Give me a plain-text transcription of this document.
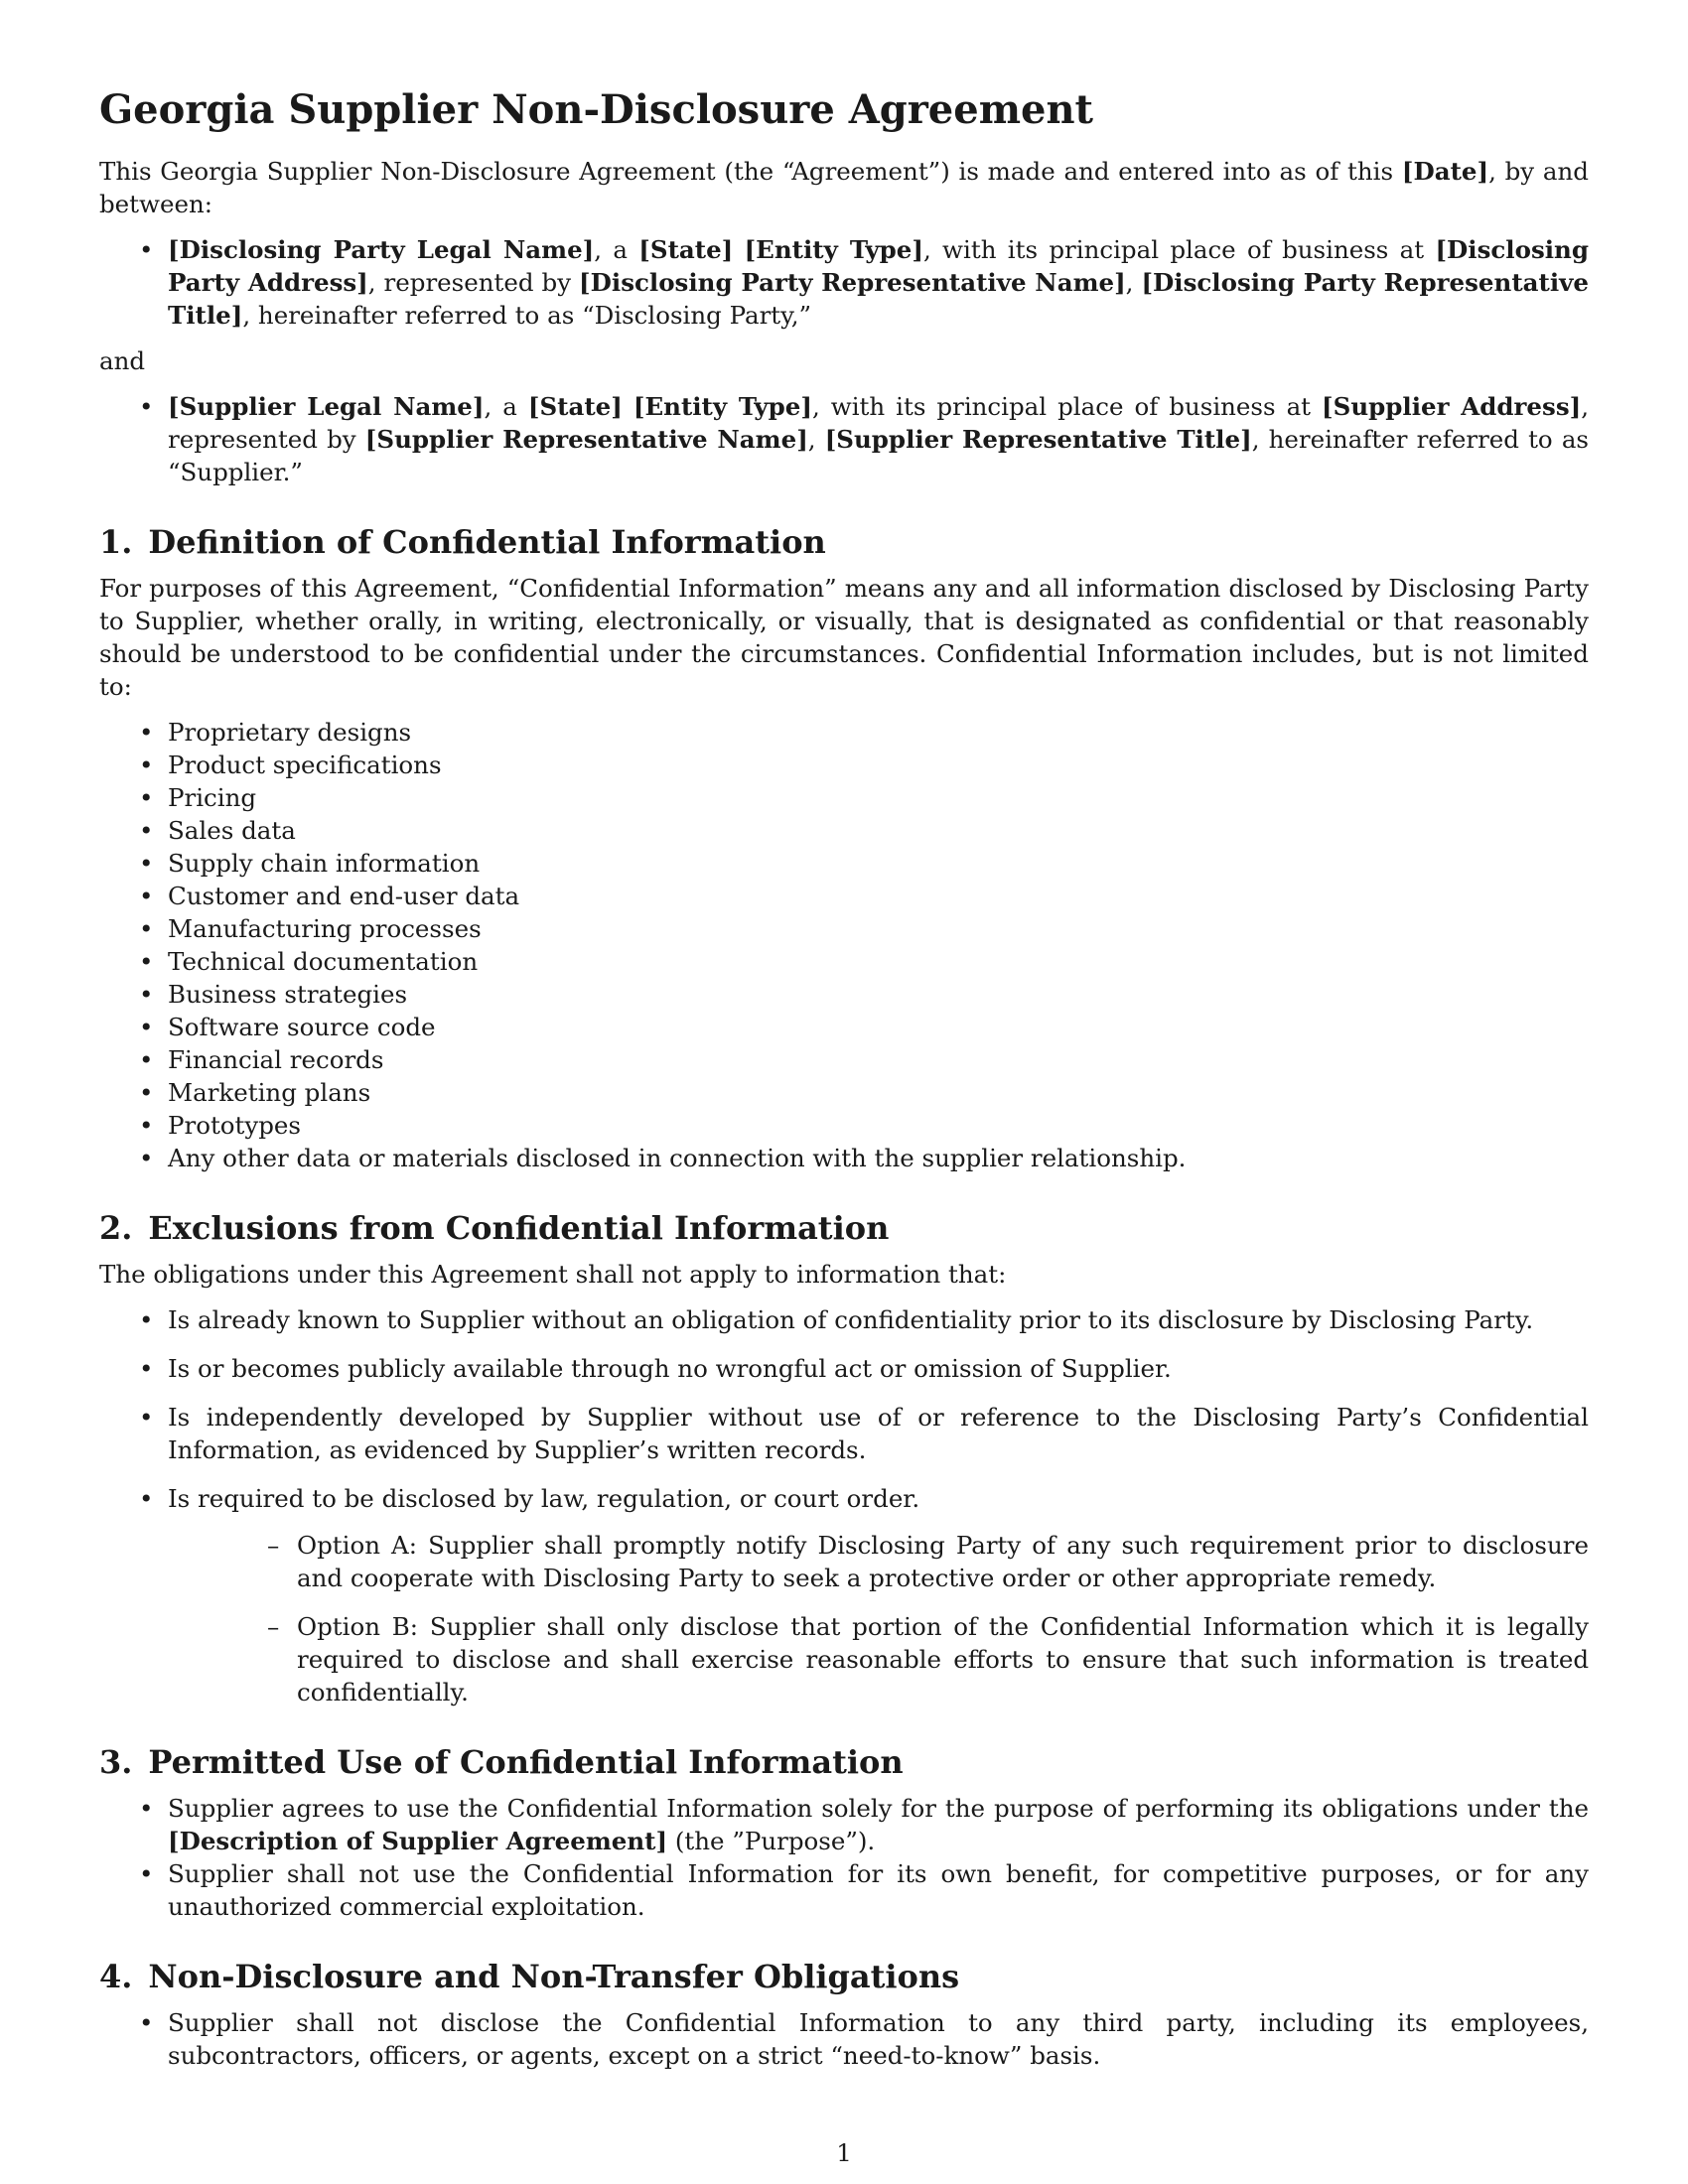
Georgia Supplier Non-Disclosure Agreement

This Georgia Supplier Non-Disclosure Agreement (the “Agreement”) is made and entered into as of this [Date], by and between:

• [Disclosing Party Legal Name], a [State] [Entity Type], with its principal place of business at [Disclosing Party Address], represented by [Disclosing Party Representative Name], [Disclosing Party Representative Title], hereinafter referred to as “Disclosing Party,”

and

• [Supplier Legal Name], a [State] [Entity Type], with its principal place of business at [Supplier Address], represented by [Supplier Representative Name], [Supplier Representative Title], hereinafter referred to as “Supplier.”
1. Definition of Confidential Information

For purposes of this Agreement, “Confidential Information” means any and all information disclosed by Disclosing Party to Supplier, whether orally, in writing, electronically, or visually, that is designated as confidential or that reasonably should be understood to be confidential under the circumstances. Confidential Information includes, but is not limited to:

• Proprietary designs
• Product specifications
• Pricing
• Sales data
• Supply chain information
• Customer and end-user data
• Manufacturing processes
• Technical documentation
• Business strategies
• Software source code
• Financial records
• Marketing plans
• Prototypes
• Any other data or materials disclosed in connection with the supplier relationship.
2. Exclusions from Confidential Information

The obligations under this Agreement shall not apply to information that:

• Is already known to Supplier without an obligation of confidentiality prior to its disclosure by Disclosing Party.
• Is or becomes publicly available through no wrongful act or omission of Supplier.
• Is independently developed by Supplier without use of or reference to the Disclosing Party’s Confidential Information, as evidenced by Supplier’s written records.
• Is required to be disclosed by law, regulation, or court order.
– Option A: Supplier shall promptly notify Disclosing Party of any such requirement prior to disclosure and cooperate with Disclosing Party to seek a protective order or other appropriate remedy.
– Option B: Supplier shall only disclose that portion of the Confidential Information which it is legally required to disclose and shall exercise reasonable efforts to ensure that such information is treated confidentially.
3. Permitted Use of Confidential Information
• Supplier agrees to use the Confidential Information solely for the purpose of performing its obligations under the [Description of Supplier Agreement] (the ”Purpose”).
• Supplier shall not use the Confidential Information for its own benefit, for competitive purposes, or for any unauthorized commercial exploitation.
4. Non-Disclosure and Non-Transfer Obligations
• Supplier shall not disclose the Confidential Information to any third party, including its employees, subcontractors, officers, or agents, except on a strict “need-to-know” basis.
1
